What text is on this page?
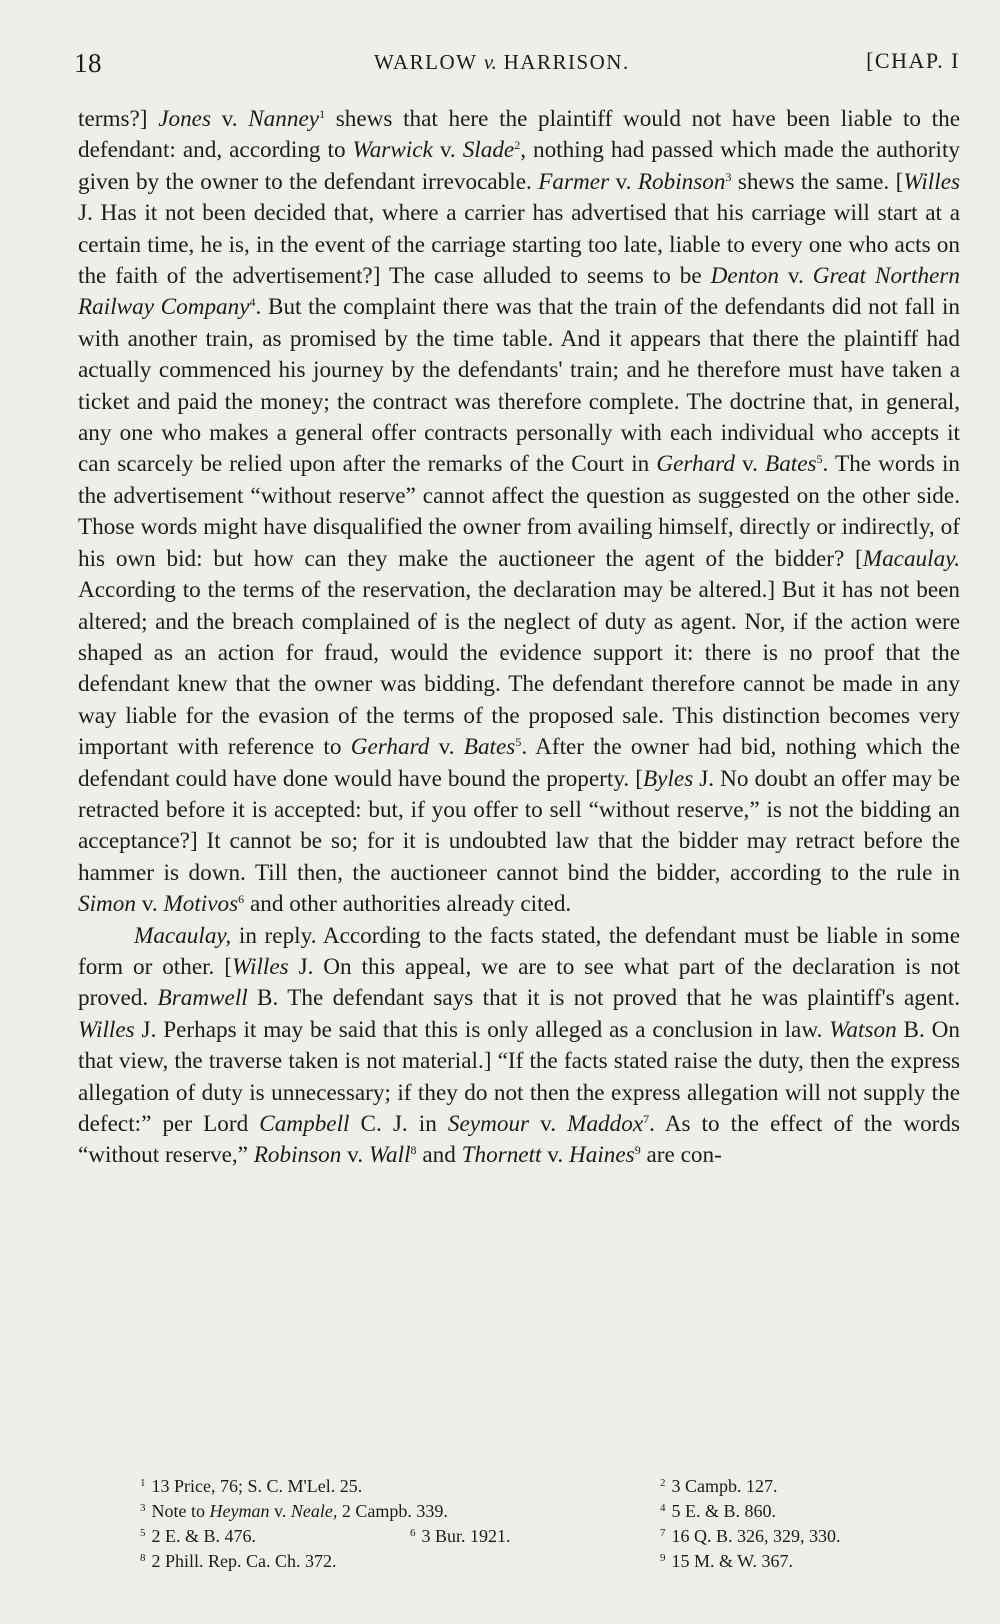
18	WARLOW v. HARRISON.	[CHAP. I

terms?] Jones v. Nanney$^1$ shews that here the plaintiff would not have been liable to the defendant: and, according to Warwick v. Slade$^2$, nothing had passed which made the authority given by the owner to the defendant irrevocable. Farmer v. Robinson$^3$ shews the same. [Willes J. Has it not been decided that, where a carrier has advertised that his carriage will start at a certain time, he is, in the event of the carriage starting too late, liable to every one who acts on the faith of the advertisement?] The case alluded to seems to be Denton v. Great Northern Railway Company$^4$. But the complaint there was that the train of the defendants did not fall in with another train, as promised by the time table. And it appears that there the plaintiff had actually commenced his journey by the defendants' train; and he therefore must have taken a ticket and paid the money; the contract was therefore complete. The doctrine that, in general, any one who makes a general offer contracts personally with each individual who accepts it can scarcely be relied upon after the remarks of the Court in Gerhard v. Bates$^5$. The words in the advertisement “without reserve” cannot affect the question as suggested on the other side. Those words might have disqualified the owner from availing himself, directly or indirectly, of his own bid: but how can they make the auctioneer the agent of the bidder? [Macaulay. According to the terms of the reservation, the declaration may be altered.] But it has not been altered; and the breach complained of is the neglect of duty as agent. Nor, if the action were shaped as an action for fraud, would the evidence support it: there is no proof that the defendant knew that the owner was bidding. The defendant therefore cannot be made in any way liable for the evasion of the terms of the proposed sale. This distinction becomes very important with reference to Gerhard v. Bates$^5$. After the owner had bid, nothing which the defendant could have done would have bound the property. [Byles J. No doubt an offer may be retracted before it is accepted: but, if you offer to sell “without reserve,” is not the bidding an acceptance?] It cannot be so; for it is undoubted law that the bidder may retract before the hammer is down. Till then, the auctioneer cannot bind the bidder, according to the rule in Simon v. Motivos$^6$ and other authorities already cited.

Macaulay, in reply. According to the facts stated, the defendant must be liable in some form or other. [Willes J. On this appeal, we are to see what part of the declaration is not proved. Bramwell B. The defendant says that it is not proved that he was plaintiff's agent. Willes J. Perhaps it may be said that this is only alleged as a conclusion in law. Watson B. On that view, the traverse taken is not material.] “If the facts stated raise the duty, then the express allegation of duty is unnecessary; if they do not then the express allegation will not supply the defect:” per Lord Campbell C. J. in Seymour v. Maddox$^7$. As to the effect of the words “without reserve,” Robinson v. Wall$^8$ and Thornett v. Haines$^9$ are con-

$^1$ 13 Price, 76; S. C. M'Lel. 25.	$^2$ 3 Campb. 127.
$^3$ Note to Heyman v. Neale, 2 Campb. 339.	$^4$ 5 E. & B. 860.
$^5$ 2 E. & B. 476.	$^6$ 3 Bur. 1921.	$^7$ 16 Q. B. 326, 329, 330.
$^8$ 2 Phill. Rep. Ca. Ch. 372.	$^9$ 15 M. & W. 367.
